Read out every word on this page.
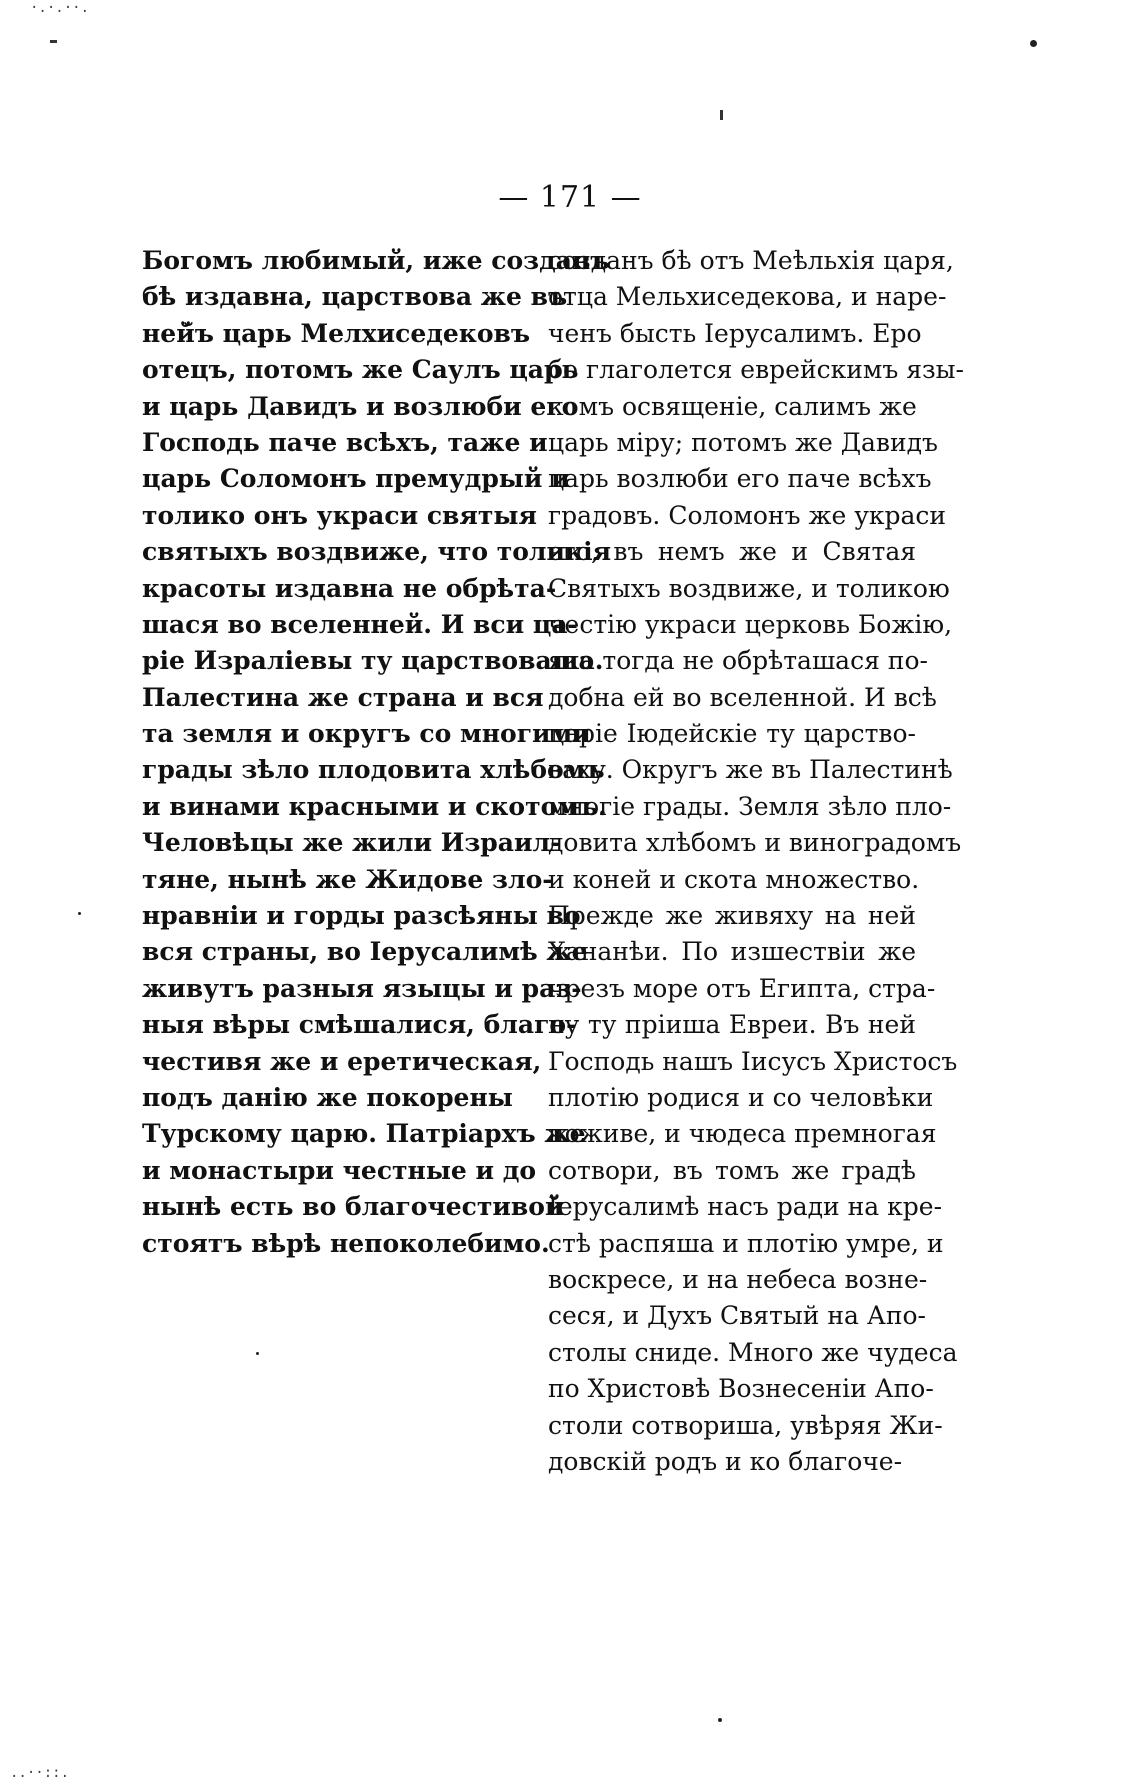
·.·.··.
..··::.
— 171 —
Богомъ любимый, иже созданъ
бѣ издавна, царствова же въ
ней̆ъ царь Мелхиседековъ
отецъ, потомъ же Саулъ царь
и царь Давидъ и возлюби его
Господь паче всѣхъ, таже и
царь Соломонъ премудрый и
толико онъ украси святыя
святыхъ воздвиже, что толикiя
красоты издавна не обрѣта-
шася во вселенней. И вси ца-
рiе Изралiевы ту царствоваша.
Палестина же страна и вся
та земля и округъ со многими
грады зѣло плодовита хлѣбомъ
и винами красными и скотомъ.
Человѣцы же жили Израил-
тяне, нынѣ же Жидове зло-
нравнiи и горды разсѣяны во
вся страны, во Iерусалимѣ же
живутъ разныя языцы и раз-
ныя вѣры смѣшалися, благо-
честивя же и еретическая,
подъ данiю же покорены
Турскому царю. Патрiархъ же
и монастыри честные и до
нынѣ есть во благочестивой
стоятъ вѣрѣ непоколебимо.
созданъ бѣ отъ Меѣльхiя царя,
отца Мельхиседекова, и наре-
ченъ бысть Iерусалимъ. Еро
бо глаголется еврейскимъ язы-
комъ освященiе, салимъ же
царь мiру; потомъ же Давидъ
царь возлюби его паче всѣхъ
градовъ. Соломонъ же украси
его, въ немъ же и Святая
Святыхъ воздвиже, и толикою
честiю украси церковь Божiю,
яко тогда не обрѣташася по-
добна ей во вселенной. И всѣ
царiе Iюдейскiе ту царство-
ваху. Округъ же въ Палестинѣ
многiе грады. Земля зѣло пло-
довита хлѣбомъ и виноградомъ
и коней и скота множество.
Прежде же живяху на ней
Хананѣи. По изшествiи же
чрезъ море отъ Египта, стра-
ну ту прiиша Евреи. Въ ней
Господь нашъ Iисусъ Христосъ
плотiю родися и со человѣки
поживе, и чюдеса премногая
сотвори, въ томъ же градѣ
Iерусалимѣ насъ ради на кре-
стѣ распяша и плотiю умре, и
воскресе, и на небеса возне-
сеся, и Духъ Святый на Апо-
столы сниде. Много же чудеса
по Христовѣ Вознесенiи Апо-
столи сотвориша, увѣряя Жи-
довскiй родъ и ко благоче-
